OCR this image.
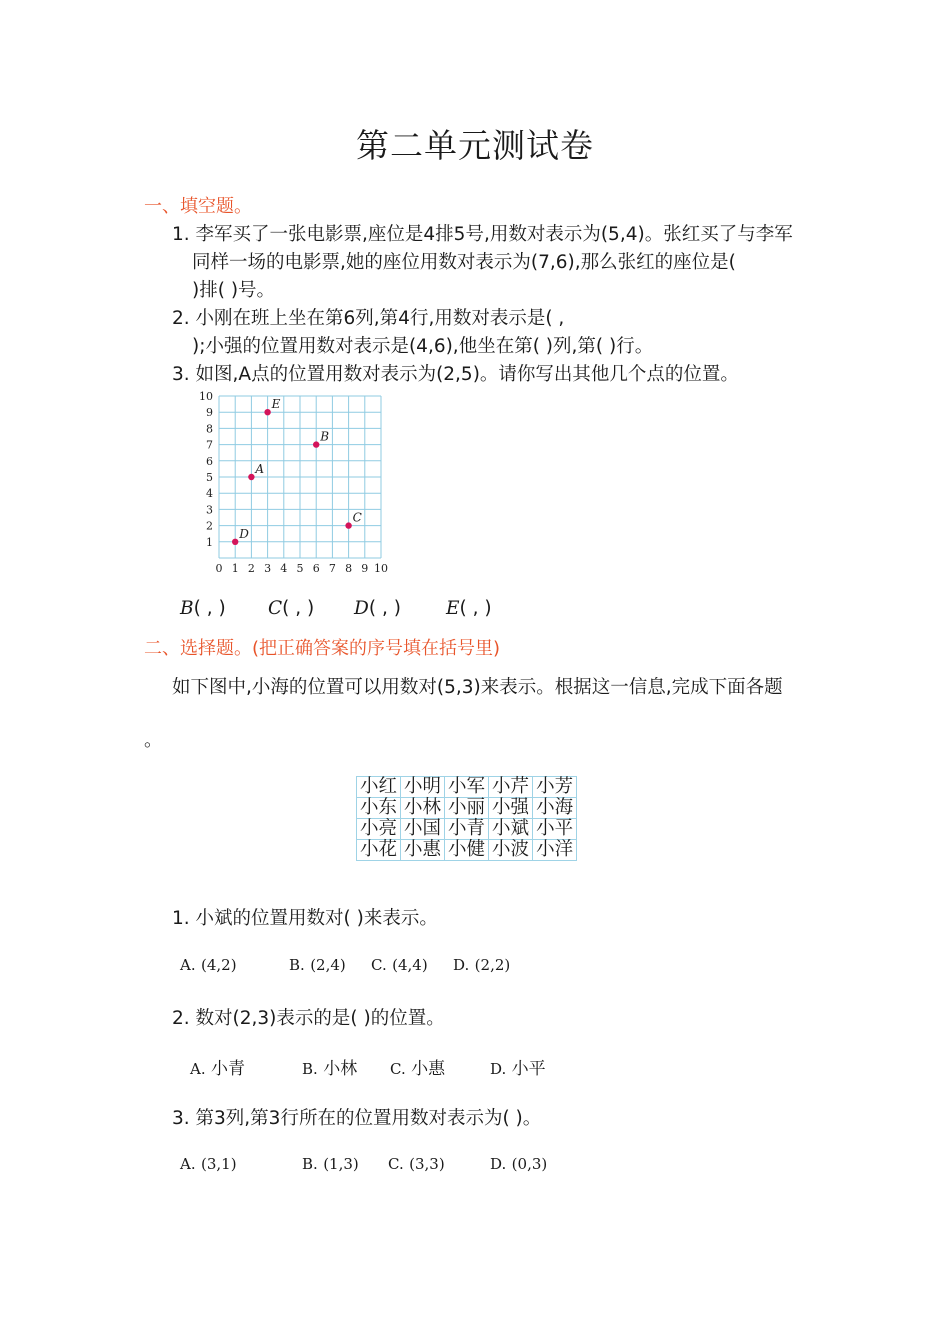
第二单元测试卷
一、填空题。
1. 李军买了一张电影票,座位是4排5号,用数对表示为(5,4)。张红买了与李军
同样一场的电影票,她的座位用数对表示为(7,6),那么张红的座位是(
)排( )号。
2. 小刚在班上坐在第6列,第4行,用数对表示是( ,
);小强的位置用数对表示是(4,6),他坐在第( )列,第( )行。
3. 如图,A点的位置用数对表示为(2,5)。请你写出其他几个点的位置。
0 1 2 3 4 5 6 7 8 9 10
1
2
3
4
5
6
7
8
9
10
A
B
C
D
E
B( , ) C( , ) D( , ) E( , )
二、选择题。(把正确答案的序号填在括号里)
如下图中,小海的位置可以用数对(5,3)来表示。根据这一信息,完成下面各题
。
小红	小明	小军	小芹	小芳
小东	小林	小丽	小强	小海
小亮	小国	小青	小斌	小平
小花	小惠	小健	小波	小洋
1. 小斌的位置用数对( )来表示。
A. (4,2)	B. (2,4) C. (4,4) D. (2,2)
2. 数对(2,3)表示的是( )的位置。
A. 小青	B. 小林 C. 小惠	D. 小平
3. 第3列,第3行所在的位置用数对表示为( )。
A. (3,1)	B. (1,3) C. (3,3)	D. (0,3)
